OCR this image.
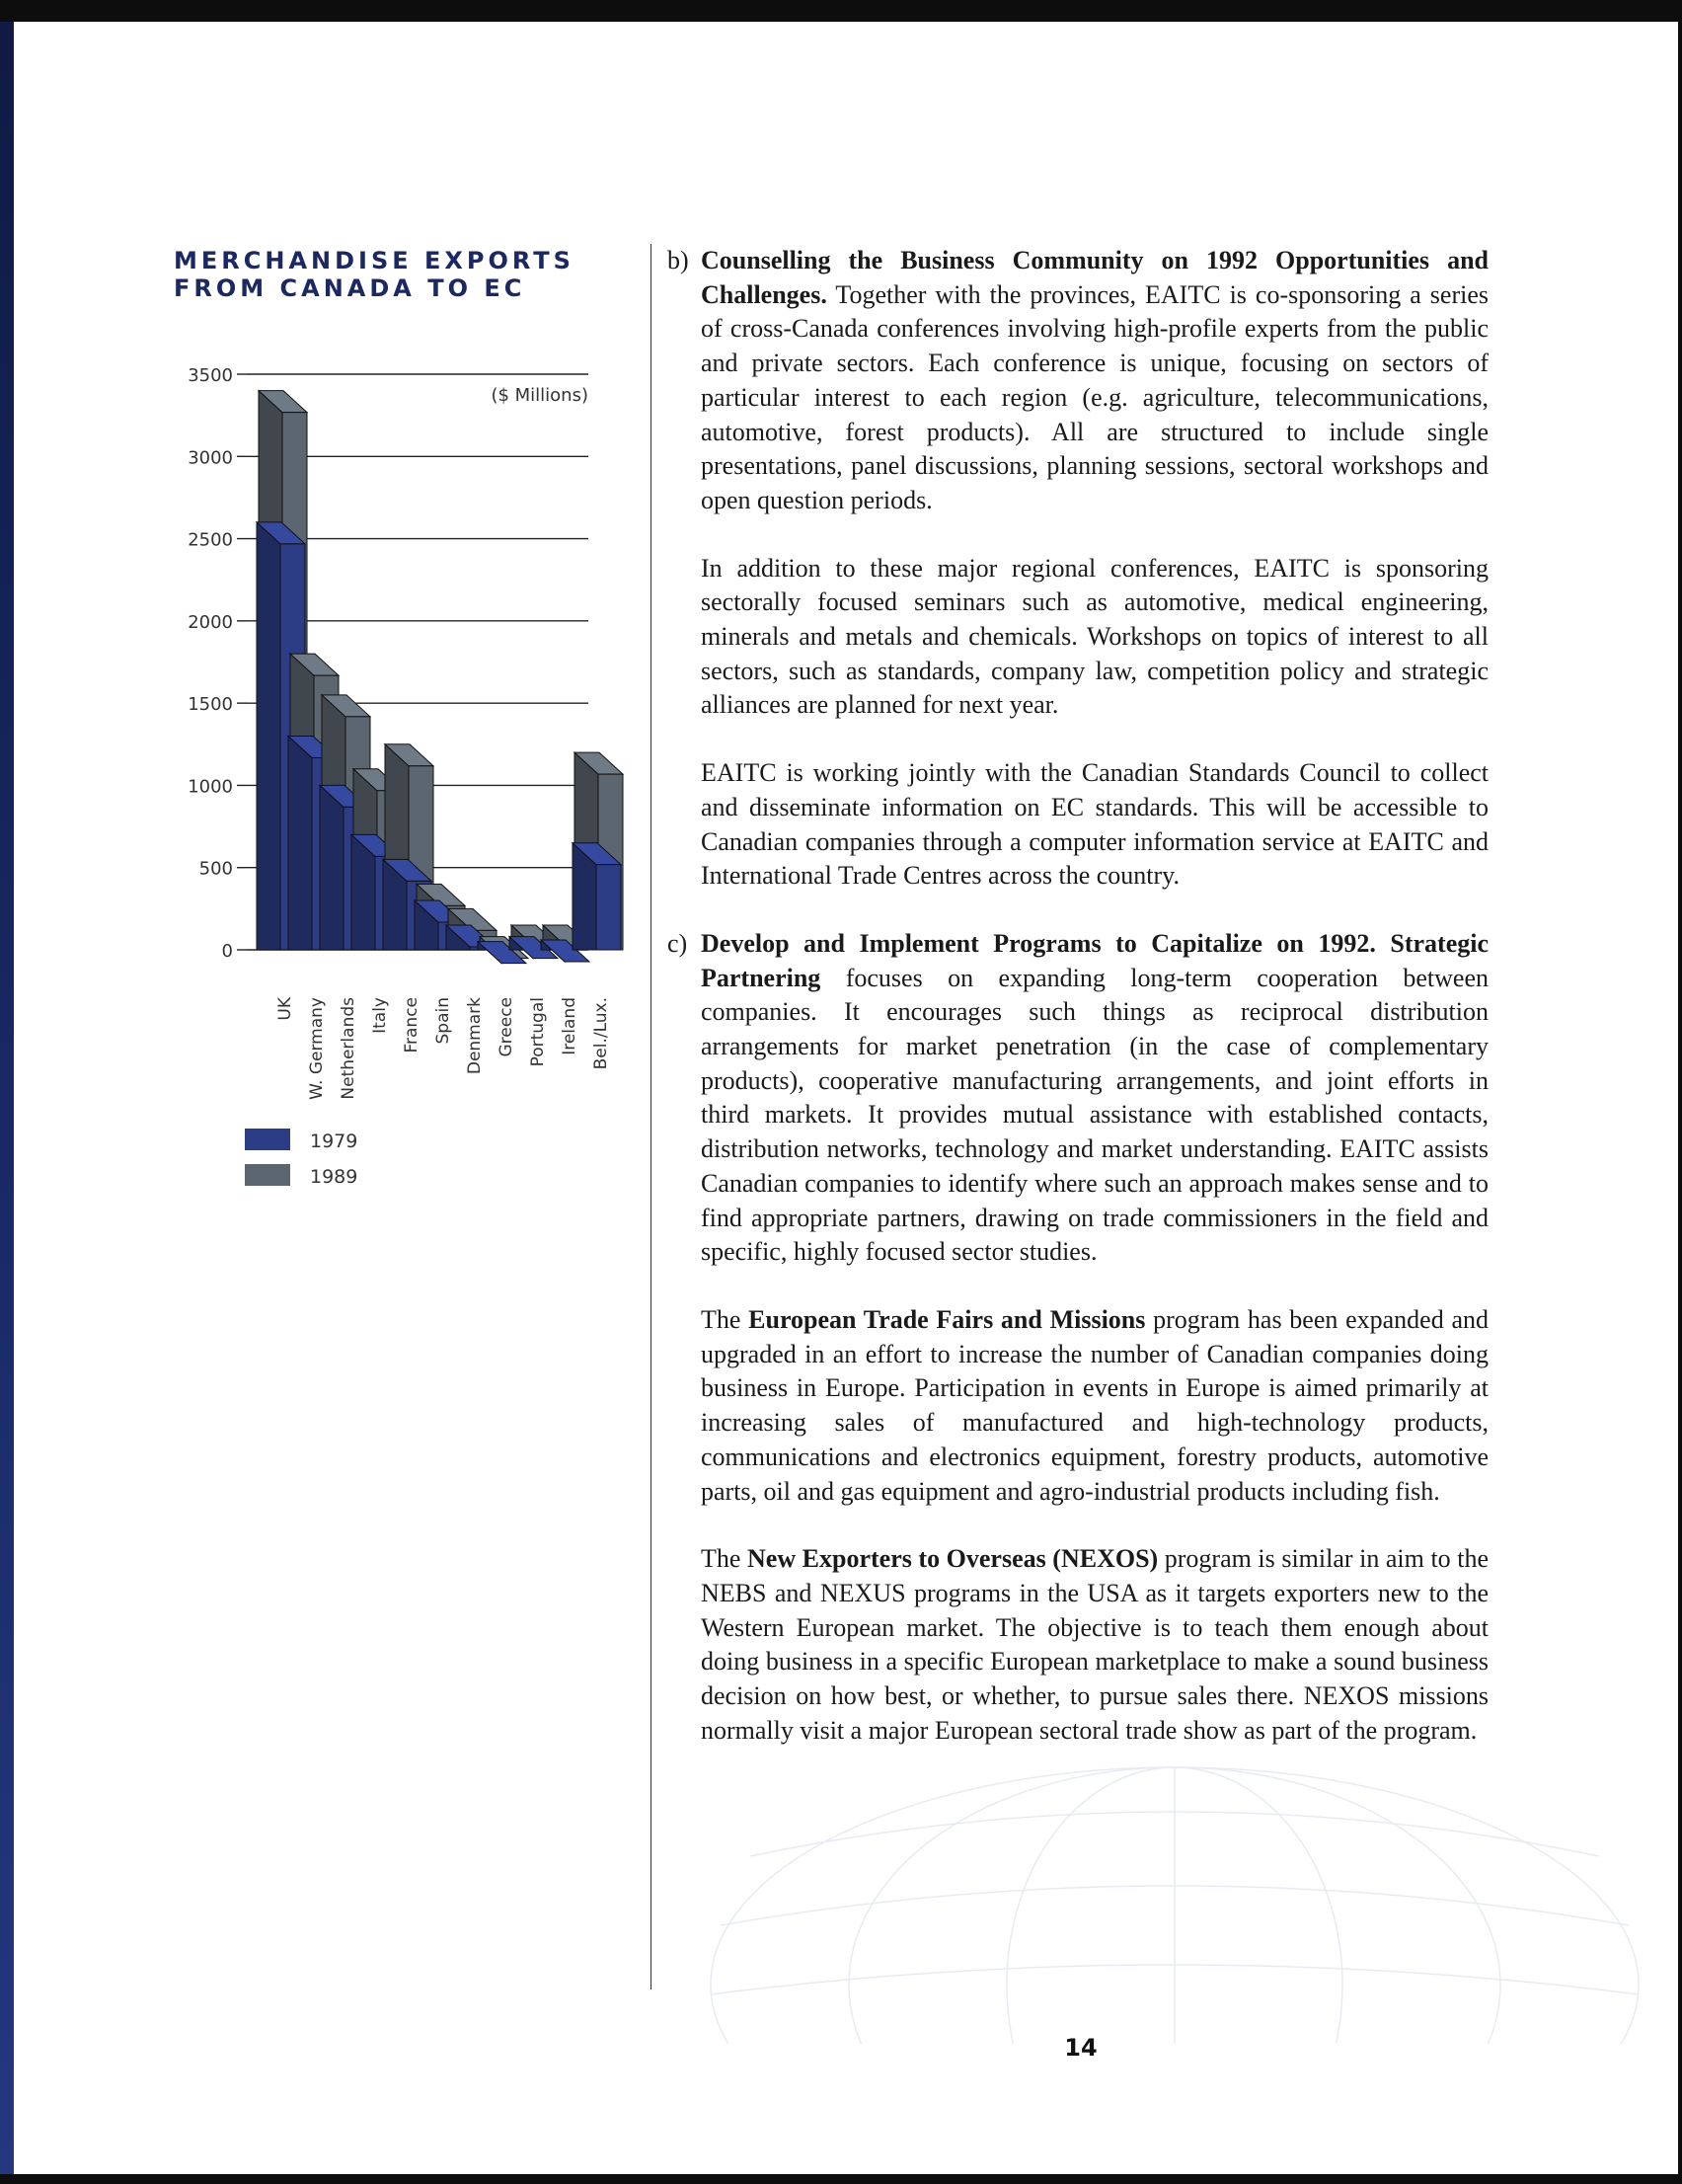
MERCHANDISE EXPORTS
FROM CANADA TO EC
0
500
1000
1500
2000
2500
3000
3500
UK W. Germany Netherlands Italy France Spain Denmark Greece Portugal Ireland Bel./Lux.
($ Millions)
1979
1989
b) Counselling the Business Community on 1992 Opportunities and Challenges. Together with the provinces, EAITC is co-sponsoring a series of cross-Canada conferences involving high-profile experts from the public and private sectors. Each conference is unique, focusing on sectors of particular interest to each region (e.g. agriculture, telecommunications, automotive, forest products). All are structured to include single presentations, panel discussions, planning sessions, sectoral workshops and open question periods.

In addition to these major regional conferences, EAITC is sponsoring sectorally focused seminars such as automotive, medical engineering, minerals and metals and chemicals. Workshops on topics of interest to all sectors, such as standards, company law, competition policy and strategic alliances are planned for next year.

EAITC is working jointly with the Canadian Standards Council to collect and disseminate information on EC standards. This will be accessible to Canadian companies through a computer information service at EAITC and International Trade Centres across the country.

c) Develop and Implement Programs to Capitalize on 1992. Strategic Partnering focuses on expanding long-term cooperation between companies. It encourages such things as reciprocal distribution arrangements for market penetration (in the case of complementary products), cooperative manufacturing arrangements, and joint efforts in third markets. It provides mutual assistance with established contacts, distribution networks, technology and market understanding. EAITC assists Canadian companies to identify where such an approach makes sense and to find appropriate partners, drawing on trade commissioners in the field and specific, highly focused sector studies.

The European Trade Fairs and Missions program has been expanded and upgraded in an effort to increase the number of Canadian companies doing business in Europe. Participation in events in Europe is aimed primarily at increasing sales of manufactured and high-technology products, communications and electronics equipment, forestry products, automotive parts, oil and gas equipment and agro-industrial products including fish.

The New Exporters to Overseas (NEXOS) program is similar in aim to the NEBS and NEXUS programs in the USA as it targets exporters new to the Western European market. The objective is to teach them enough about doing business in a specific European marketplace to make a sound business decision on how best, or whether, to pursue sales there. NEXOS missions normally visit a major European sectoral trade show as part of the program.

14
